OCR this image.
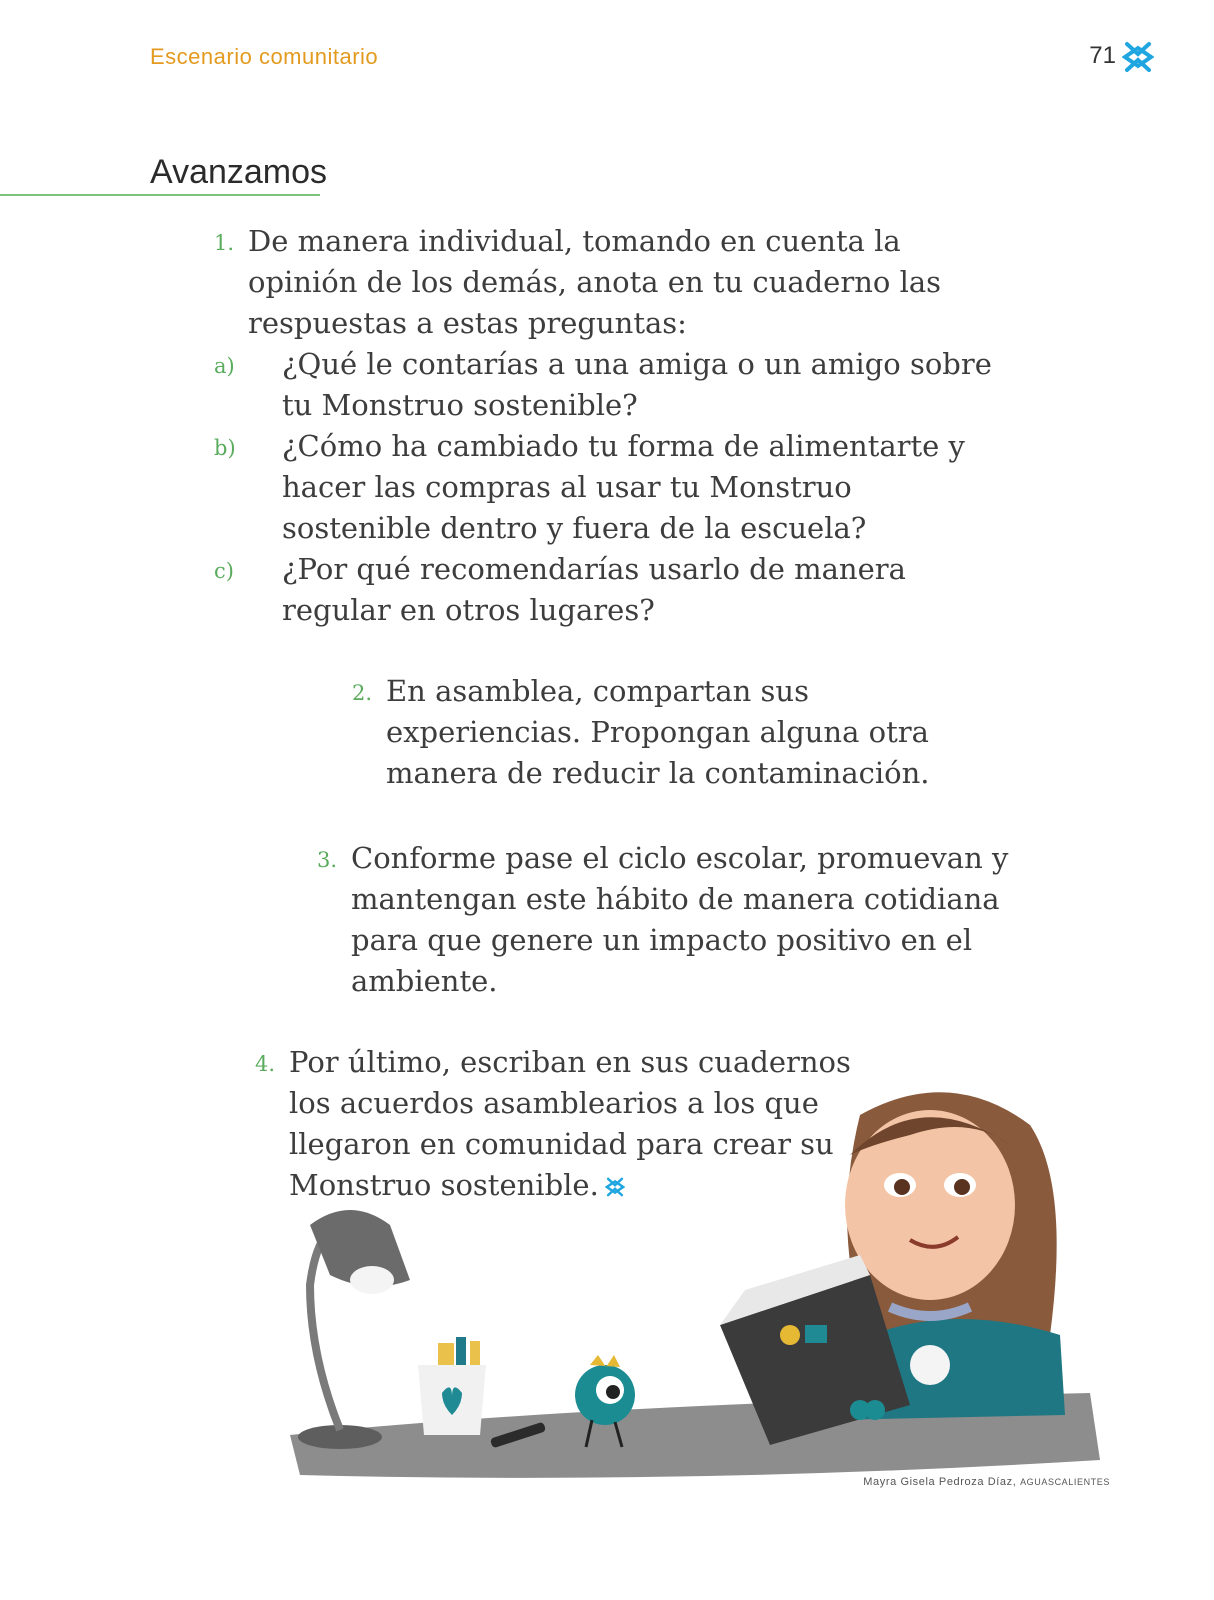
Escenario comunitario	71
Avanzamos
1. De manera individual, tomando en cuenta la opinión de los demás, anota en tu cuaderno las respuestas a estas preguntas:
a) ¿Qué le contarías a una amiga o un amigo sobre tu Monstruo sostenible?
b) ¿Cómo ha cambiado tu forma de alimentarte y hacer las compras al usar tu Monstruo sostenible dentro y fuera de la escuela?
c) ¿Por qué recomendarías usarlo de manera regular en otros lugares?
2. En asamblea, compartan sus experiencias. Propongan alguna otra manera de reducir la contaminación.
3. Conforme pase el ciclo escolar, promuevan y mantengan este hábito de manera cotidiana para que genere un impacto positivo en el ambiente.
4. Por último, escriban en sus cuadernos los acuerdos asamblearios a los que llegaron en comunidad para crear su Monstruo sostenible.
Mayra Gisela Pedroza Díaz, AGUASCALIENTES
